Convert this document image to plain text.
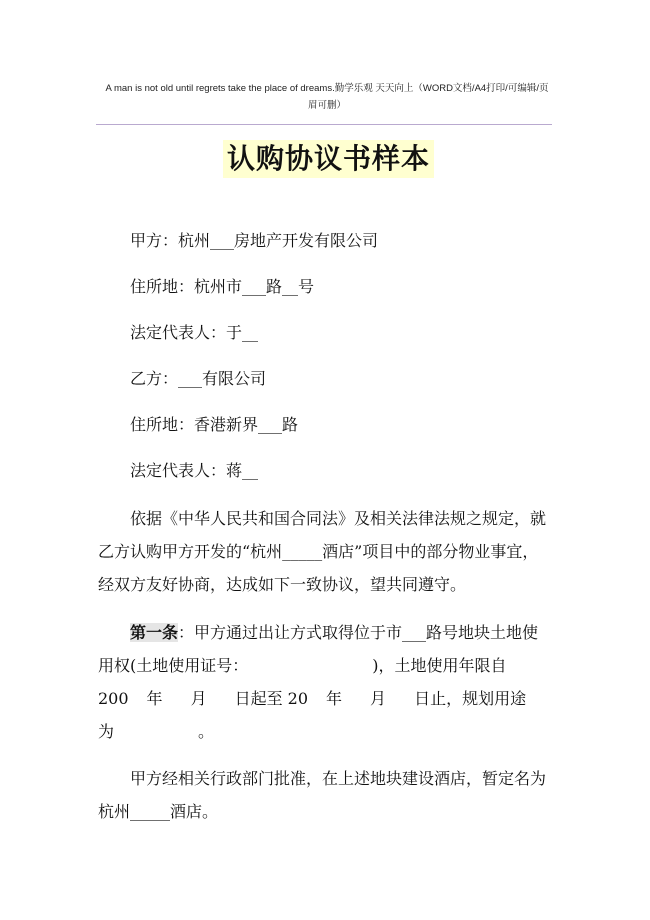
A man is not old until regrets take the place of dreams.勤学乐观 天天向上（WORD文档/A4打印/可编辑/页
眉可删）
认购协议书样本
甲方：杭州___房地产开发有限公司
住所地：杭州市___路__号
法定代表人：于__
乙方：___有限公司
住所地：香港新界___路
法定代表人：蒋__
依据《中华人民共和国合同法》及相关法律法规之规定，就
乙方认购甲方开发的“杭州_____酒店”项目中的部分物业事宜，
经双方友好协商，达成如下一致协议，望共同遵守。
第一条：甲方通过出让方式取得位于市___路号地块土地使
用权(土地使用证号：	)，土地使用年限自
200 年 月 日起至 20 年 月 日止，规划用途
为	。
甲方经相关行政部门批准，在上述地块建设酒店，暂定名为
杭州_____酒店。
